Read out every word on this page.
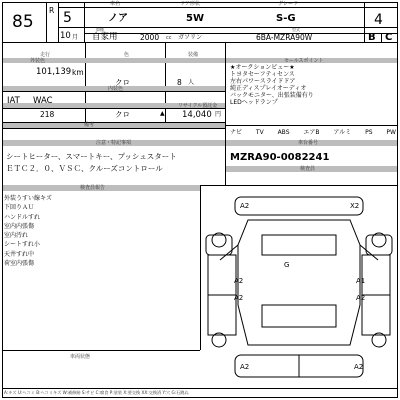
85
R 5
10 月
車名
ノア
ドア形状
5W
グレード
S-G	4
自家用
車種
2000 cc ガソリン
型式
6BA-MZRA90W	B C
走行	色	装備
101,139 km
外装色
クロ	8 人
内装色
IAT WAC	リサイクル預託金
218	クロ	▲ 14,040 円
備考
セールスポイント
★オークションビュー★
トヨタセーフティセンス
左右パワースライドドア
純正ディスプレイオーディオ
バックモニター、出張装備有り
LEDヘッドランプ
ナビ TV ABS エアB アルミ PS PW
注意・特記事項
シートヒーター、スマートキー、プッシュスタート
ＥＴＣ２．０、ＶＳＣ、クルーズコントロール
車台番号
MZRA90-0082241
検査員
検査員報告
外装うすい線キズ
下回りＡＵ
ハンドルすれ
室内内張傷
室内汚れ
シートすれ小
天井すれ中
荷室内張傷
車両状態
A2	X2
A2
A2
A1
A2
G
A2	A2
A:キズ U:ヘコミ B:ヘコミキズ W:補修跡 S:サビ C:腐食 P:塗装 X:要交換 XX:交換済 Y:穴 G:石跳ね
